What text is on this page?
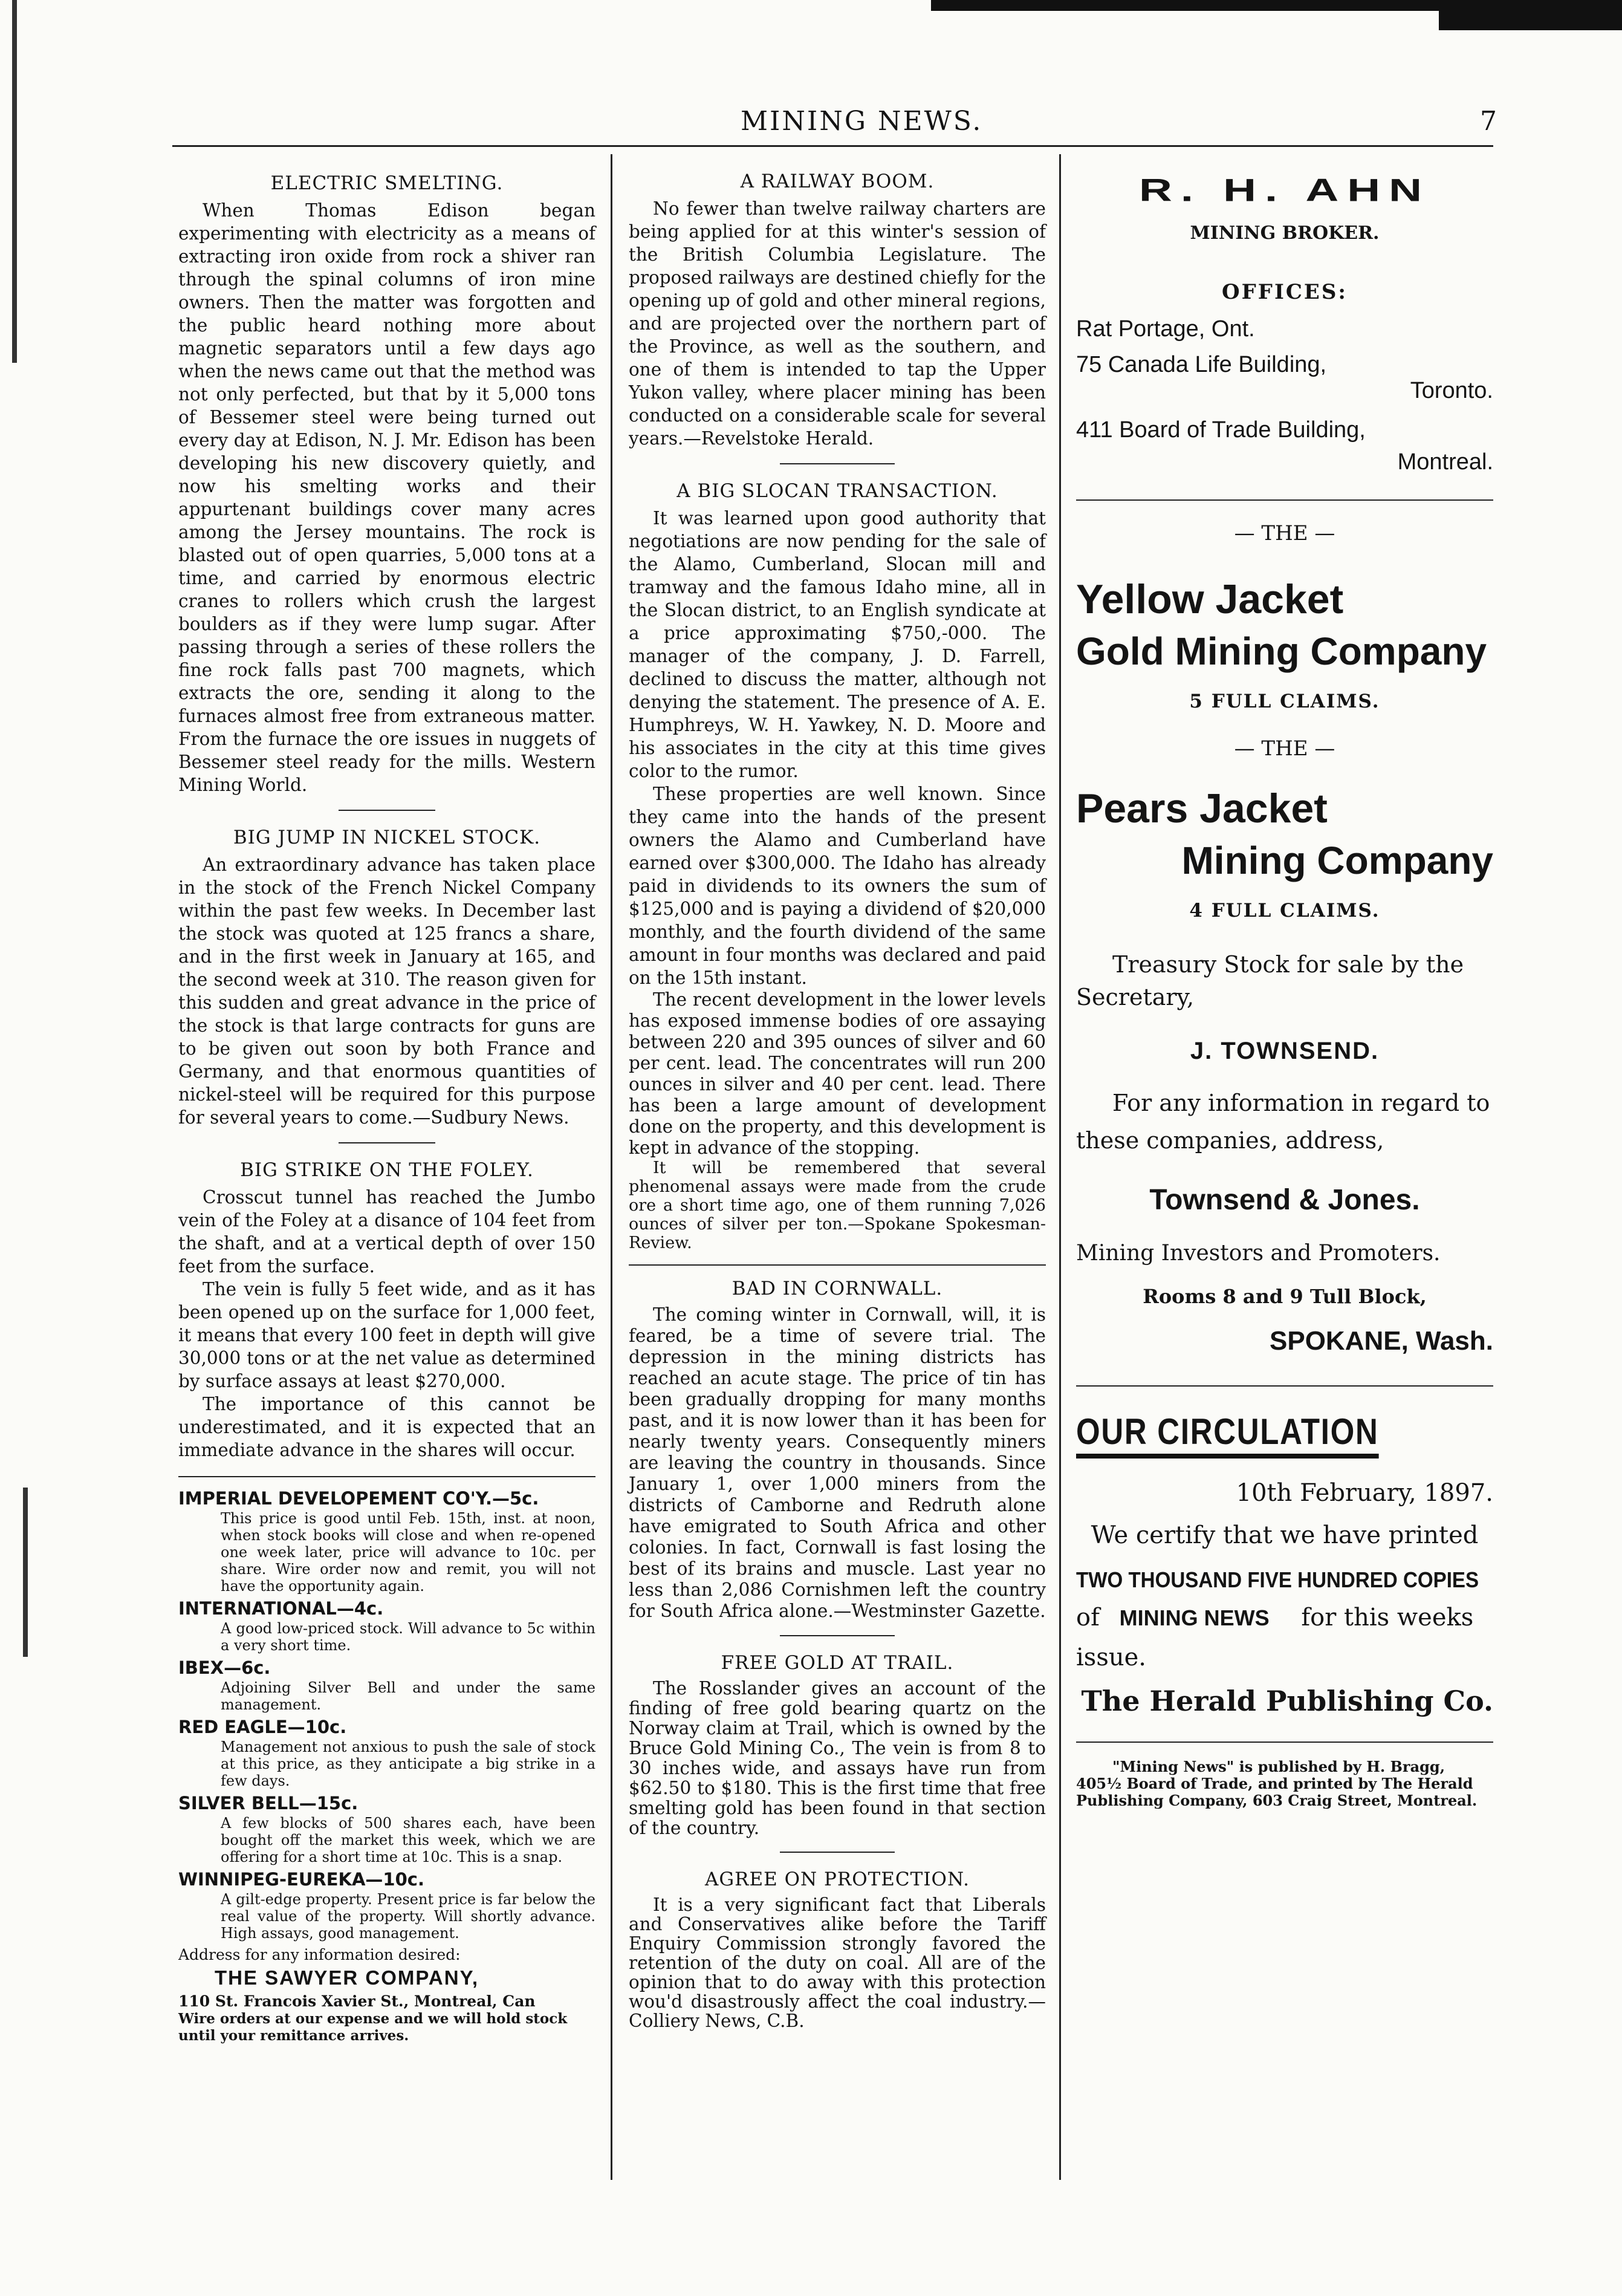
MINING NEWS.	7
ELECTRIC SMELTING.

When Thomas Edison began experimenting with electricity as a means of extracting iron oxide from rock a shiver ran through the spinal columns of iron mine owners. Then the matter was forgotten and the public heard nothing more about magnetic separators until a few days ago when the news came out that the method was not only perfected, but that by it 5,000 tons of Bessemer steel were being turned out every day at Edison, N. J. Mr. Edison has been developing his new discovery quietly, and now his smelting works and their appurtenant buildings cover many acres among the Jersey mountains. The rock is blasted out of open quarries, 5,000 tons at a time, and carried by enormous electric cranes to rollers which crush the largest boulders as if they were lump sugar. After passing through a series of these rollers the fine rock falls past 700 magnets, which extracts the ore, sending it along to the furnaces almost free from extraneous matter. From the furnace the ore issues in nuggets of Bessemer steel ready for the mills. Western Mining World.

BIG JUMP IN NICKEL STOCK.

An extraordinary advance has taken place in the stock of the French Nickel Company within the past few weeks. In December last the stock was quoted at 125 francs a share, and in the first week in January at 165, and the second week at 310. The reason given for this sudden and great advance in the price of the stock is that large contracts for guns are to be given out soon by both France and Germany, and that enormous quantities of nickel-steel will be required for this purpose for several years to come.—Sudbury News.

BIG STRIKE ON THE FOLEY.

Crosscut tunnel has reached the Jumbo vein of the Foley at a disance of 104 feet from the shaft, and at a vertical depth of over 150 feet from the surface.

The vein is fully 5 feet wide, and as it has been opened up on the surface for 1,000 feet, it means that every 100 feet in depth will give 30,000 tons or at the net value as determined by surface assays at least $270,000.

The importance of this cannot be underestimated, and it is expected that an immediate advance in the shares will occur.

IMPERIAL DEVELOPEMENT CO'Y.—5c.

This price is good until Feb. 15th, inst. at noon, when stock books will close and when re-opened one week later, price will advance to 10c. per share. Wire order now and remit, you will not have the opportunity again.

INTERNATIONAL—4c.

A good low-priced stock. Will advance to 5c within a very short time.

IBEX—6c.

Adjoining Silver Bell and under the same management.

RED EAGLE—10c.

Management not anxious to push the sale of stock at this price, as they anticipate a big strike in a few days.

SILVER BELL—15c.

A few blocks of 500 shares each, have been bought off the market this week, which we are offering for a short time at 10c. This is a snap.

WINNIPEG-EUREKA—10c.

A gilt-edge property. Present price is far below the real value of the property. Will shortly advance. High assays, good management.

Address for any information desired:
THE SAWYER COMPANY,
110 St. Francois Xavier St., Montreal, Can
Wire orders at our expense and we will hold stock until your remittance arrives.
A RAILWAY BOOM.

No fewer than twelve railway charters are being applied for at this winter's session of the British Columbia Legislature. The proposed railways are destined chiefly for the opening up of gold and other mineral regions, and are projected over the northern part of the Province, as well as the southern, and one of them is intended to tap the Upper Yukon valley, where placer mining has been conducted on a considerable scale for several years.—Revelstoke Herald.

A BIG SLOCAN TRANSACTION.

It was learned upon good authority that negotiations are now pending for the sale of the Alamo, Cumberland, Slocan mill and tramway and the famous Idaho mine, all in the Slocan district, to an English syndicate at a price approximating $750,-000. The manager of the company, J. D. Farrell, declined to discuss the matter, although not denying the statement. The presence of A. E. Humphreys, W. H. Yawkey, N. D. Moore and his associates in the city at this time gives color to the rumor.

These properties are well known. Since they came into the hands of the present owners the Alamo and Cumberland have earned over $300,000. The Idaho has already paid in dividends to its owners the sum of $125,000 and is paying a dividend of $20,000 monthly, and the fourth dividend of the same amount in four months was declared and paid on the 15th instant.

The recent development in the lower levels has exposed immense bodies of ore assaying between 220 and 395 ounces of silver and 60 per cent. lead. The concentrates will run 200 ounces in silver and 40 per cent. lead. There has been a large amount of development done on the property, and this development is kept in advance of the stopping.

It will be remembered that several phenomenal assays were made from the crude ore a short time ago, one of them running 7,026 ounces of silver per ton.—Spokane Spokesman-Review.

BAD IN CORNWALL.

The coming winter in Cornwall, will, it is feared, be a time of severe trial. The depression in the mining districts has reached an acute stage. The price of tin has been gradually dropping for many months past, and it is now lower than it has been for nearly twenty years. Consequently miners are leaving the country in thousands. Since January 1, over 1,000 miners from the districts of Camborne and Redruth alone have emigrated to South Africa and other colonies. In fact, Cornwall is fast losing the best of its brains and muscle. Last year no less than 2,086 Cornishmen left the country for South Africa alone.—Westminster Gazette.

FREE GOLD AT TRAIL.

The Rosslander gives an account of the finding of free gold bearing quartz on the Norway claim at Trail, which is owned by the Bruce Gold Mining Co., The vein is from 8 to 30 inches wide, and assays have run from $62.50 to $180. This is the first time that free smelting gold has been found in that section of the country.

AGREE ON PROTECTION.

It is a very significant fact that Liberals and Conservatives alike before the Tariff Enquiry Commission strongly favored the retention of the duty on coal. All are of the opinion that to do away with this protection wou'd disastrously affect the coal industry.—Colliery News, C.B.

R. H. AHN
MINING BROKER.
OFFICES:
Rat Portage, Ont.
75 Canada Life Building,
Toronto.
411 Board of Trade Building,
Montreal.
— THE —
Yellow Jacket
Gold Mining Company
5 FULL CLAIMS.
— THE —
Pears Jacket
Mining Company
4 FULL CLAIMS.
Treasury Stock for sale by the Secretary,
J. TOWNSEND.
For any information in regard to these companies, address,
Townsend & Jones.
Mining Investors and Promoters.
Rooms 8 and 9 Tull Block,
SPOKANE, Wash.
OUR CIRCULATION
10th February, 1897.
We certify that we have printed
TWO THOUSAND FIVE HUNDRED COPIES
of MINING NEWS for this weeks
issue.
The Herald Publishing Co.
"Mining News" is published by H. Bragg, 405½ Board of Trade, and printed by The Herald Publishing Company, 603 Craig Street, Montreal.
